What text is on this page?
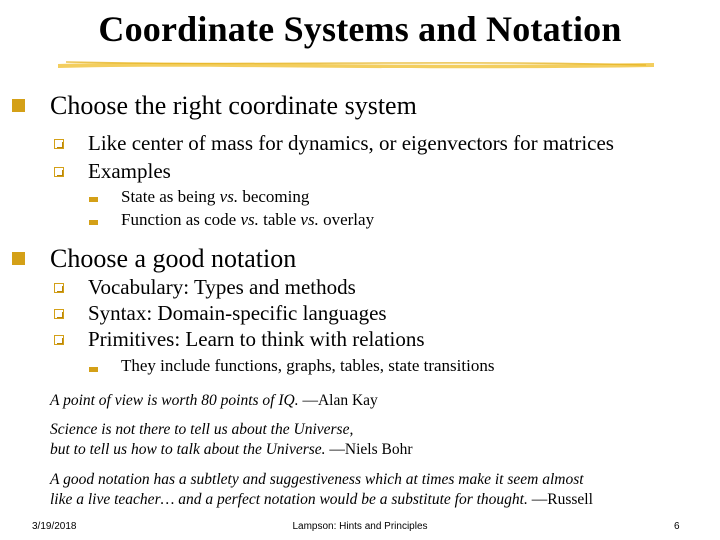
Coordinate Systems and Notation
Choose the right coordinate system
Like center of mass for dynamics, or eigenvectors for matrices
Examples
State as being vs. becoming
Function as code vs. table vs. overlay
Choose a good notation
Vocabulary: Types and methods
Syntax: Domain-specific languages
Primitives: Learn to think with relations
They include functions, graphs, tables, state transitions
A point of view is worth 80 points of IQ. —Alan Kay
Science is not there to tell us about the Universe,
but to tell us how to talk about the Universe. —Niels Bohr
A good notation has a subtlety and suggestiveness which at times make it seem almost
like a live teacher… and a perfect notation would be a substitute for thought. —Russell
3/19/2018	Lampson: Hints and Principles	6
